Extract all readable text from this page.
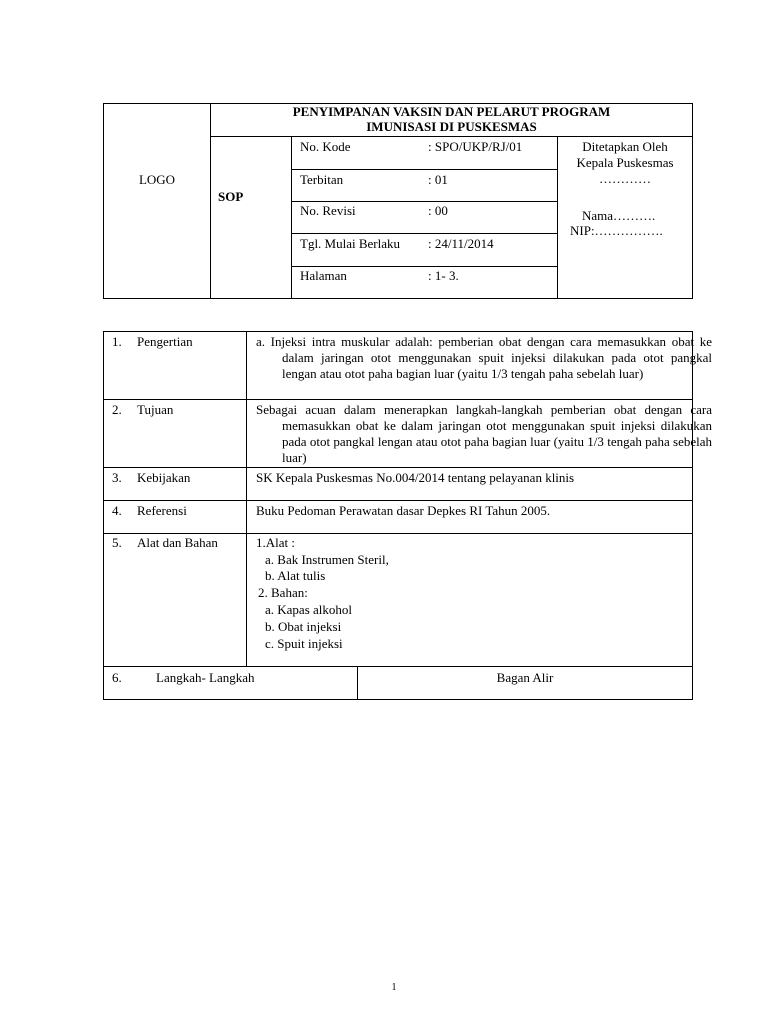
LOGO
PENYIMPANAN VAKSIN DAN PELARUT PROGRAM
IMUNISASI DI PUSKESMAS
SOP
No. Kode	: SPO/UKP/RJ/01
Terbitan	: 01
No. Revisi	: 00
Tgl. Mulai Berlaku : 24/11/2014
Halaman	: 1- 3.
Ditetapkan Oleh
Kepala Puskesmas
…………
Nama……….
NIP:…………….
1. Pengertian	a. Injeksi intra muskular adalah: pemberian obat dengan cara memasukkan obat ke dalam jaringan otot menggunakan spuit injeksi dilakukan pada otot pangkal lengan atau otot paha bagian luar (yaitu 1/3 tengah paha sebelah luar)
2. Tujuan	Sebagai acuan dalam menerapkan langkah-langkah pemberian obat dengan cara memasukkan obat ke dalam jaringan otot menggunakan spuit injeksi dilakukan pada otot pangkal lengan atau otot paha bagian luar (yaitu 1/3 tengah paha sebelah luar)
3. Kebijakan	SK Kepala Puskesmas No.004/2014 tentang pelayanan klinis
4. Referensi	Buku Pedoman Perawatan dasar Depkes RI Tahun 2005.
5. Alat dan Bahan	1.Alat :
a. Bak Instrumen Steril,
b. Alat tulis
2. Bahan:
a. Kapas alkohol
b. Obat injeksi
c. Spuit injeksi
6.	Langkah- Langkah	Bagan Alir
1
